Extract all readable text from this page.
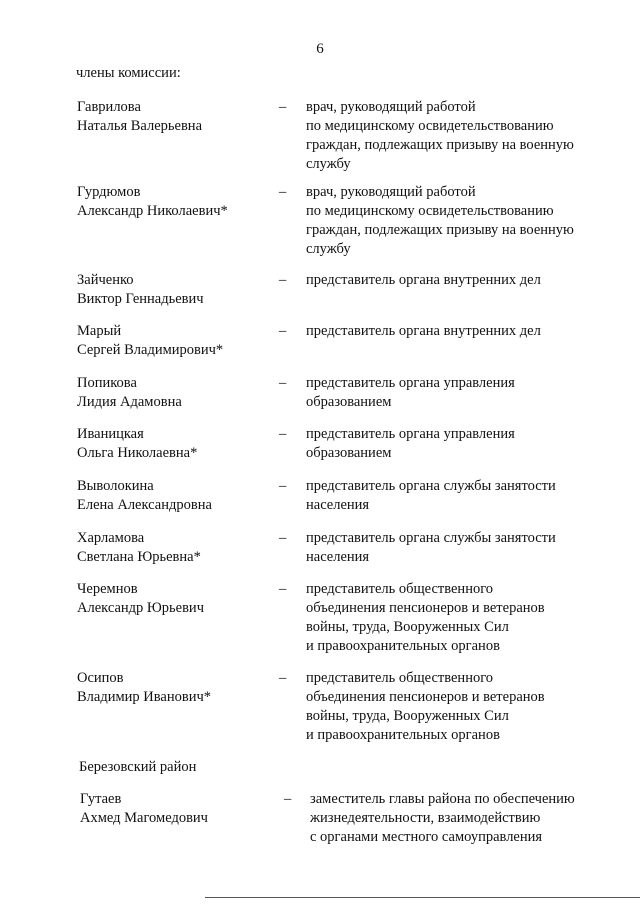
6
члены комиссии:
Гаврилова
Наталья Валерьевна
– врач, руководящий работой
по медицинскому освидетельствованию
граждан, подлежащих призыву на военную
службу
Гурдюмов
Александр Николаевич*
– врач, руководящий работой
по медицинскому освидетельствованию
граждан, подлежащих призыву на военную
службу
Зайченко
Виктор Геннадьевич
– представитель органа внутренних дел
Марый
Сергей Владимирович*
– представитель органа внутренних дел
Попикова
Лидия Адамовна
– представитель органа управления
образованием
Иваницкая
Ольга Николаевна*
– представитель органа управления
образованием
Выволокина
Елена Александровна
– представитель органа службы занятости
населения
Харламова
Светлана Юрьевна*
– представитель органа службы занятости
населения
Черемнов
Александр Юрьевич
– представитель общественного
объединения пенсионеров и ветеранов
войны, труда, Вооруженных Сил
и правоохранительных органов
Осипов
Владимир Иванович*
– представитель общественного
объединения пенсионеров и ветеранов
войны, труда, Вооруженных Сил
и правоохранительных органов
Березовский район
Гутаев
Ахмед Магомедович
– заместитель главы района по обеспечению
жизнедеятельности, взаимодействию
с органами местного самоуправления
